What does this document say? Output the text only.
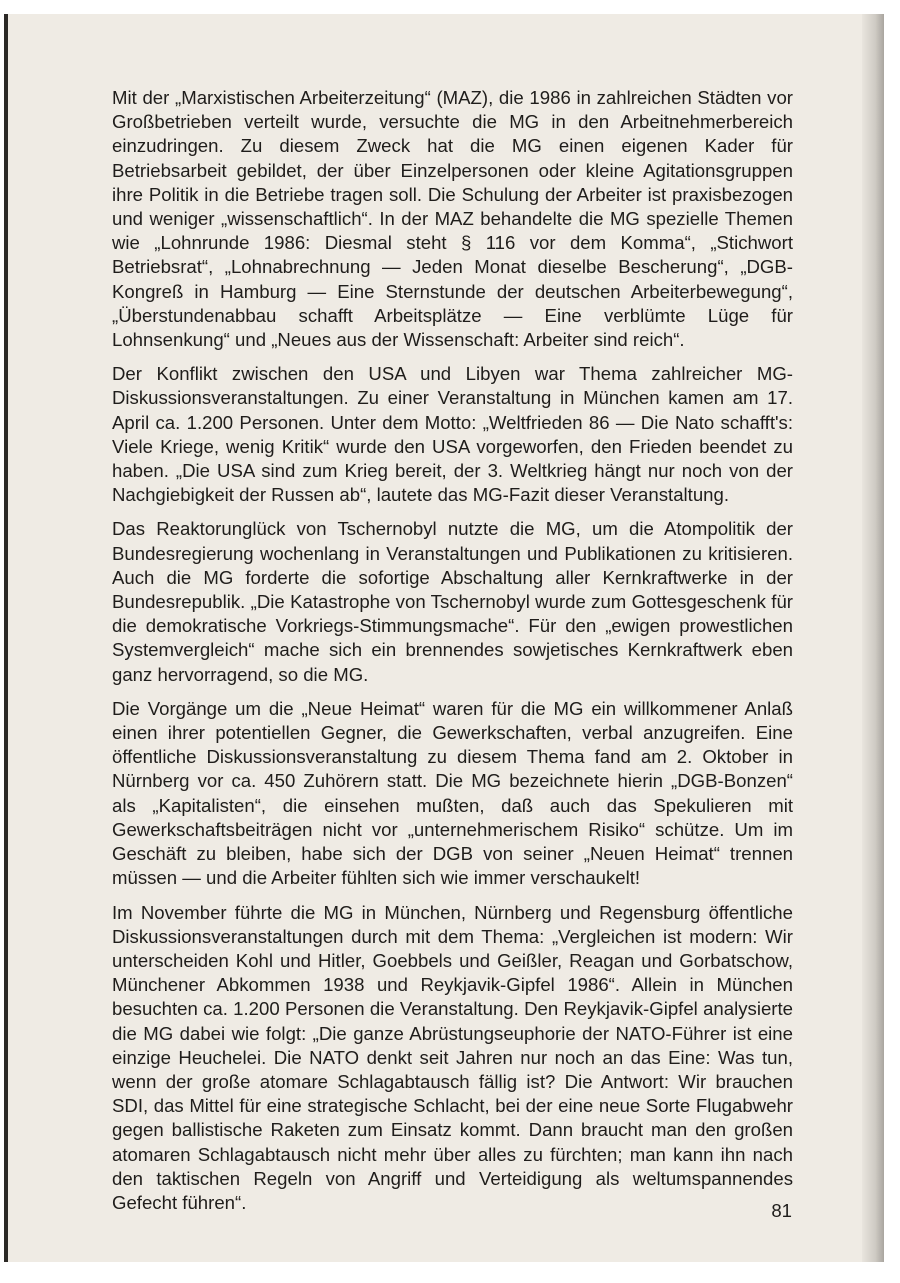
Mit der „Marxistischen Arbeiterzeitung“ (MAZ), die 1986 in zahlreichen Städten vor Großbetrieben verteilt wurde, versuchte die MG in den Arbeitnehmerbereich einzudringen. Zu diesem Zweck hat die MG einen eigenen Kader für Betriebsarbeit gebildet, der über Einzelpersonen oder kleine Agitationsgruppen ihre Politik in die Betriebe tragen soll. Die Schulung der Arbeiter ist praxisbezogen und weniger „wissenschaftlich“. In der MAZ behandelte die MG spezielle Themen wie „Lohnrunde 1986: Diesmal steht § 116 vor dem Komma“, „Stichwort Betriebsrat“, „Lohnabrechnung — Jeden Monat dieselbe Bescherung“, „DGB-Kongreß in Hamburg — Eine Sternstunde der deutschen Arbeiterbewegung“, „Überstundenabbau schafft Arbeitsplätze — Eine verblümte Lüge für Lohnsenkung“ und „Neues aus der Wissenschaft: Arbeiter sind reich“.

Der Konflikt zwischen den USA und Libyen war Thema zahlreicher MG-Diskussionsveranstaltungen. Zu einer Veranstaltung in München kamen am 17. April ca. 1.200 Personen. Unter dem Motto: „Weltfrieden 86 — Die Nato schafft's: Viele Kriege, wenig Kritik“ wurde den USA vorgeworfen, den Frieden beendet zu haben. „Die USA sind zum Krieg bereit, der 3. Weltkrieg hängt nur noch von der Nachgiebigkeit der Russen ab“, lautete das MG-Fazit dieser Veranstaltung.

Das Reaktorunglück von Tschernobyl nutzte die MG, um die Atompolitik der Bundesregierung wochenlang in Veranstaltungen und Publikationen zu kritisieren. Auch die MG forderte die sofortige Abschaltung aller Kernkraftwerke in der Bundesrepublik. „Die Katastrophe von Tschernobyl wurde zum Gottesgeschenk für die demokratische Vorkriegs-Stimmungsmache“. Für den „ewigen prowestlichen Systemvergleich“ mache sich ein brennendes sowjetisches Kernkraftwerk eben ganz hervorragend, so die MG.

Die Vorgänge um die „Neue Heimat“ waren für die MG ein willkommener Anlaß einen ihrer potentiellen Gegner, die Gewerkschaften, verbal anzugreifen. Eine öffentliche Diskussionsveranstaltung zu diesem Thema fand am 2. Oktober in Nürnberg vor ca. 450 Zuhörern statt. Die MG bezeichnete hierin „DGB-Bonzen“ als „Kapitalisten“, die einsehen mußten, daß auch das Spekulieren mit Gewerkschaftsbeiträgen nicht vor „unternehmerischem Risiko“ schütze. Um im Geschäft zu bleiben, habe sich der DGB von seiner „Neuen Heimat“ trennen müssen — und die Arbeiter fühlten sich wie immer verschaukelt!

Im November führte die MG in München, Nürnberg und Regensburg öffentliche Diskussionsveranstaltungen durch mit dem Thema: „Vergleichen ist modern: Wir unterscheiden Kohl und Hitler, Goebbels und Geißler, Reagan und Gorbatschow, Münchener Abkommen 1938 und Reykjavik-Gipfel 1986“. Allein in München besuchten ca. 1.200 Personen die Veranstaltung. Den Reykjavik-Gipfel analysierte die MG dabei wie folgt: „Die ganze Abrüstungseuphorie der NATO-Führer ist eine einzige Heuchelei. Die NATO denkt seit Jahren nur noch an das Eine: Was tun, wenn der große atomare Schlagabtausch fällig ist? Die Antwort: Wir brauchen SDI, das Mittel für eine strategische Schlacht, bei der eine neue Sorte Flugabwehr gegen ballistische Raketen zum Einsatz kommt. Dann braucht man den großen atomaren Schlagabtausch nicht mehr über alles zu fürchten; man kann ihn nach den taktischen Regeln von Angriff und Verteidigung als weltumspannendes Gefecht führen“.	81
